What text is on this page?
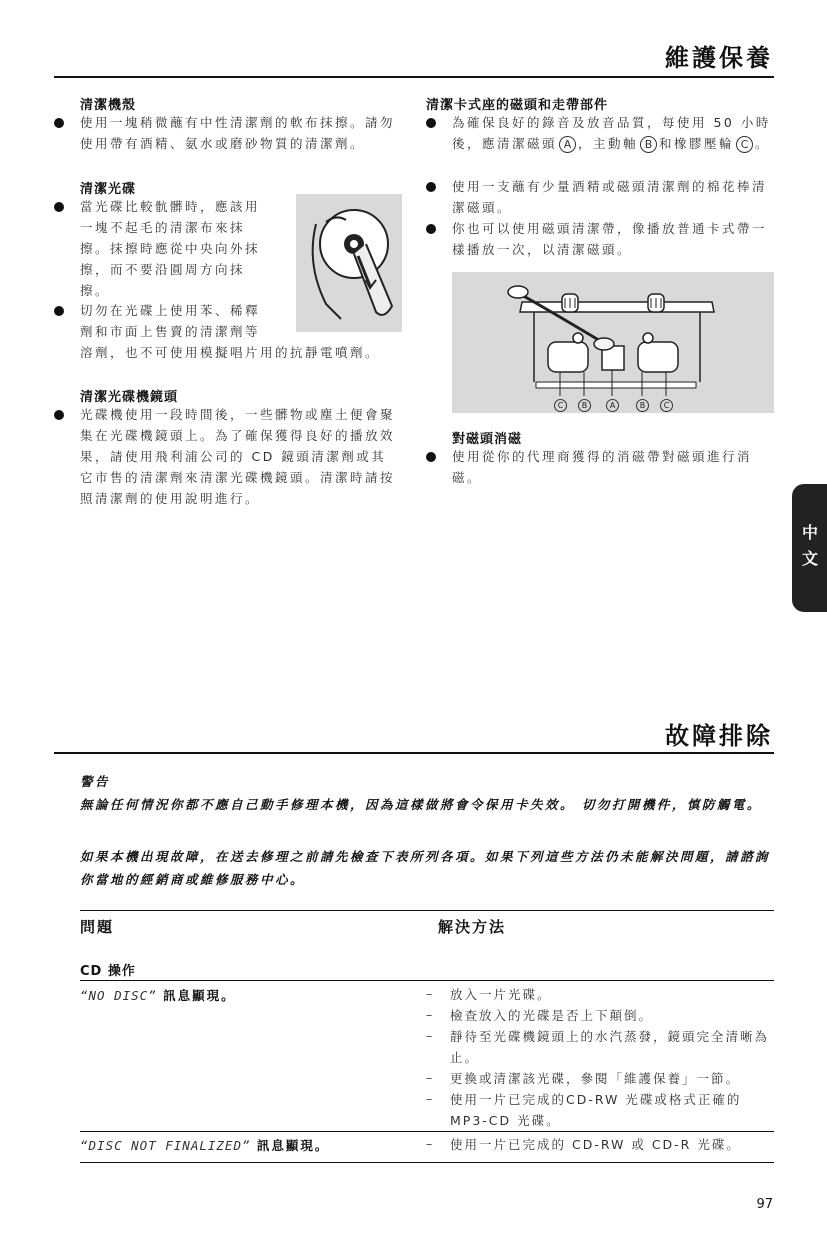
維護保養
清潔機殼
使用一塊稍微蘸有中性清潔劑的軟布抹擦。請勿使用帶有酒精、氨水或磨砂物質的清潔劑。
清潔光碟
當光碟比較骯髒時，應該用
一塊不起毛的清潔布來抹
擦。抹擦時應從中央向外抹
擦，而不要沿圓周方向抹
擦。
切勿在光碟上使用苯、稀釋
劑和市面上售賣的清潔劑等
溶劑，也不可使用模擬唱片用的抗靜電噴劑。
清潔光碟機鏡頭
光碟機使用一段時間後，一些髒物或塵土便會聚集在光碟機鏡頭上。為了確保獲得良好的播放效果，請使用飛利浦公司的 CD 鏡頭清潔劑或其它市售的清潔劑來清潔光碟機鏡頭。清潔時請按照清潔劑的使用說明進行。
清潔卡式座的磁頭和走帶部件
為確保良好的錄音及放音品質，每使用 50 小時後，應清潔磁頭 A ，主動軸 B 和橡膠壓輪 C 。
使用一支蘸有少量酒精或磁頭清潔劑的棉花棒清潔磁頭。
你也可以使用磁頭清潔帶，像播放普通卡式帶一樣播放一次，以清潔磁頭。
C	B	A	B	C
對磁頭消磁
使用從你的代理商獲得的消磁帶對磁頭進行消磁。
中
文
故障排除
警告
無論任何情況你都不應自己動手修理本機，因為這樣做將會令保用卡失效。 切勿打開機件，慎防觸電。
如果本機出現故障，在送去修理之前請先檢查下表所列各項。如果下列這些方法仍未能解決問題，請諮詢你當地的經銷商或維修服務中心。
問題	解決方法
CD 操作
“NO DISC” 訊息顯現。	– 放入一片光碟。
– 檢查放入的光碟是否上下顛倒。
– 靜待至光碟機鏡頭上的水汽蒸發，鏡頭完全清晰為止。
– 更換或清潔該光碟，參閱「維護保養」一節。
– 使用一片已完成的CD-RW 光碟或格式正確的 MP3-CD 光碟。
“DISC NOT FINALIZED” 訊息顯現。	– 使用一片已完成的 CD-RW 或 CD-R 光碟。
97
